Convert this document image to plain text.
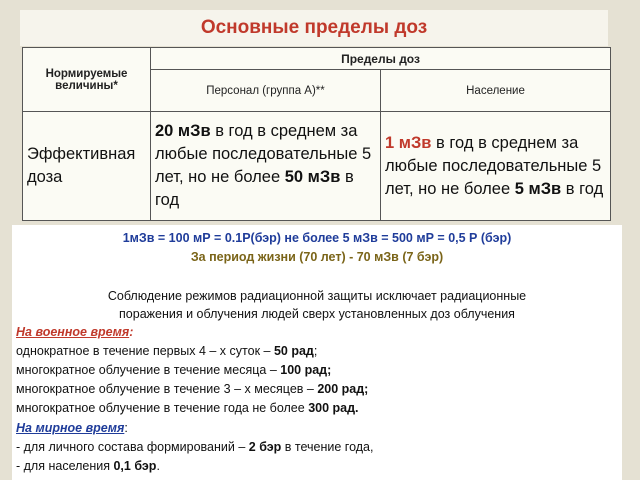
Основные пределы доз
Нормируемые величины*	Пределы доз	
	Персонал (группа А)**	Население
Эффективная доза	20 мЗв в год в среднем за любые последовательные 5 лет, но не более 50 мЗв в год	1 мЗв в год в среднем за любые последовательные 5 лет, но не более 5 мЗв в год
1мЗв = 100 мР = 0.1Р(бэр) не более 5 мЗв = 500 мР = 0,5 Р (бэр)
За период жизни (70 лет) - 70 мЗв (7 бэр)
Соблюдение режимов радиационной защиты исключает радиационные
поражения и облучения людей сверх установленных доз облучения
На военное время:
однократное в течение первых 4 – х суток – 50 рад;
многократное облучение в течение месяца – 100 рад;
многократное облучение в течение 3 – х месяцев – 200 рад;
многократное облучение в течение года не более 300 рад.
На мирное время:
- для личного состава формирований – 2 бэр в течение года,
- для населения 0,1 бэр.
